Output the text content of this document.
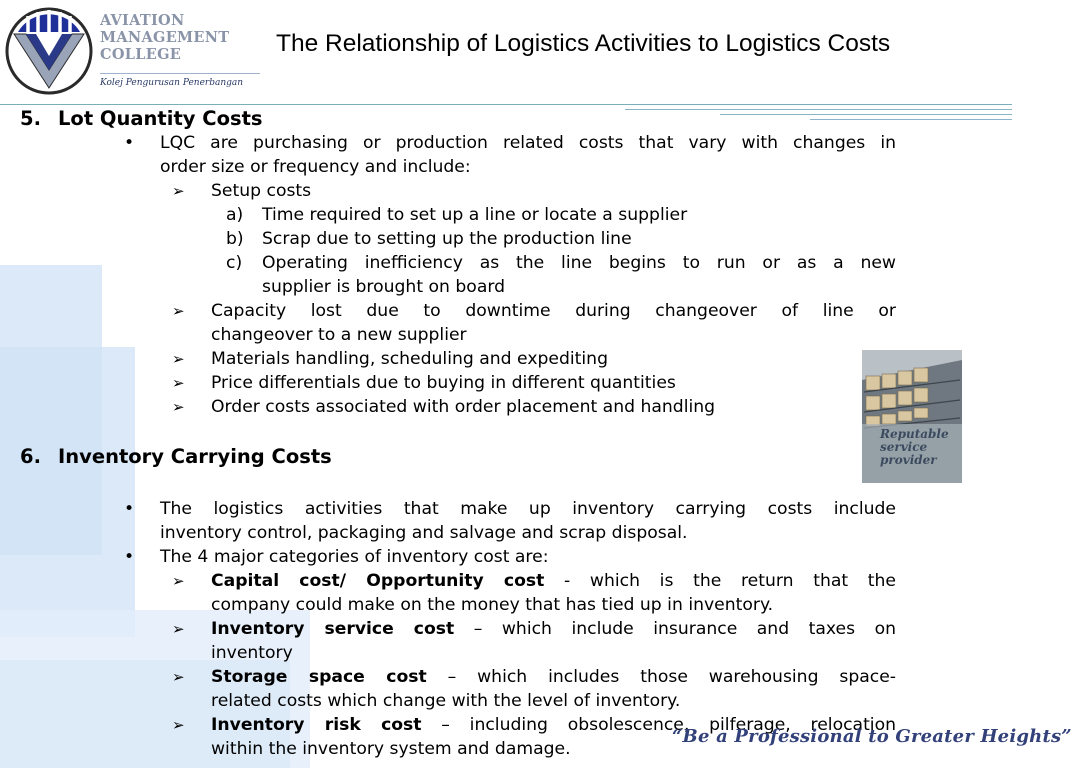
AVIATION
MANAGEMENT
COLLEGE
Kolej Pengurusan Penerbangan
The Relationship of Logistics Activities to Logistics Costs
5. Lot Quantity Costs
• LQC are purchasing or production related costs that vary with changes in
order size or frequency and include:
➢ Setup costs
a) Time required to set up a line or locate a supplier
b) Scrap due to setting up the production line
c) Operating inefficiency as the line begins to run or as a new
supplier is brought on board
➢ Capacity lost due to downtime during changeover of line or
changeover to a new supplier
➢ Materials handling, scheduling and expediting
➢ Price differentials due to buying in different quantities
➢ Order costs associated with order placement and handling
6. Inventory Carrying Costs
• The logistics activities that make up inventory carrying costs include
inventory control, packaging and salvage and scrap disposal.
• The 4 major categories of inventory cost are:
➢ Capital cost/ Opportunity cost - which is the return that the
company could make on the money that has tied up in inventory.
➢ Inventory service cost – which include insurance and taxes on
inventory
➢ Storage space cost – which includes those warehousing space-
related costs which change with the level of inventory.
➢ Inventory risk cost – including obsolescence, pilferage, relocation
within the inventory system and damage.
Reputable
service
provider
“Be a Professional to Greater Heights”
